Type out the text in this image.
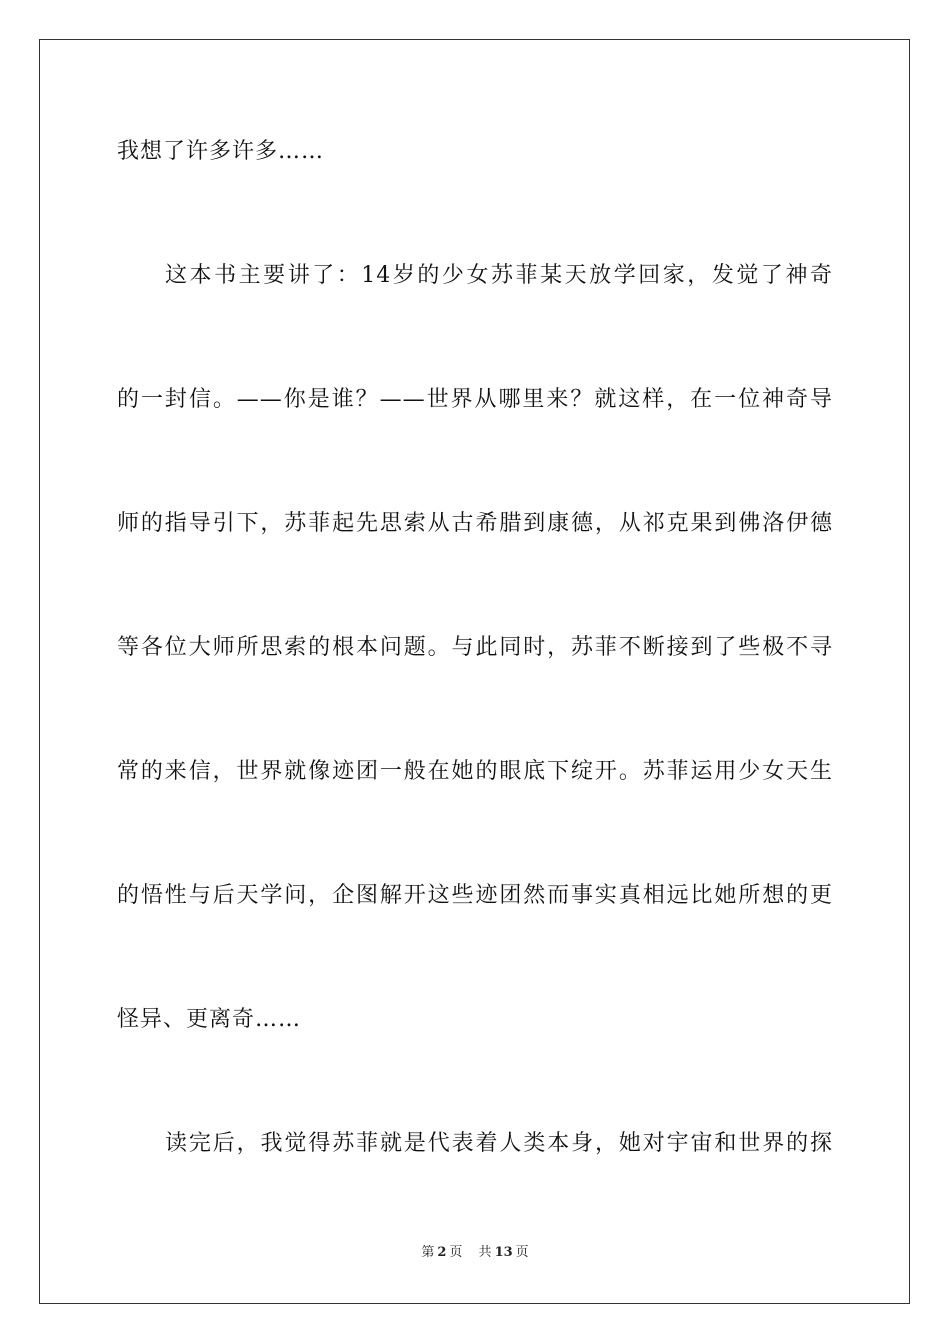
我想了许多许多……
这本书主要讲了：14岁的少女苏菲某天放学回家，发觉了神奇
的一封信。——你是谁？——世界从哪里来？就这样，在一位神奇导
师的指导引下，苏菲起先思索从古希腊到康德，从祁克果到佛洛伊德
等各位大师所思索的根本问题。与此同时，苏菲不断接到了些极不寻
常的来信，世界就像迹团一般在她的眼底下绽开。苏菲运用少女天生
的悟性与后天学问，企图解开这些迹团然而事实真相远比她所想的更
怪异、更离奇……
读完后，我觉得苏菲就是代表着人类本身，她对宇宙和世界的探
第 2 页 共 13 页
